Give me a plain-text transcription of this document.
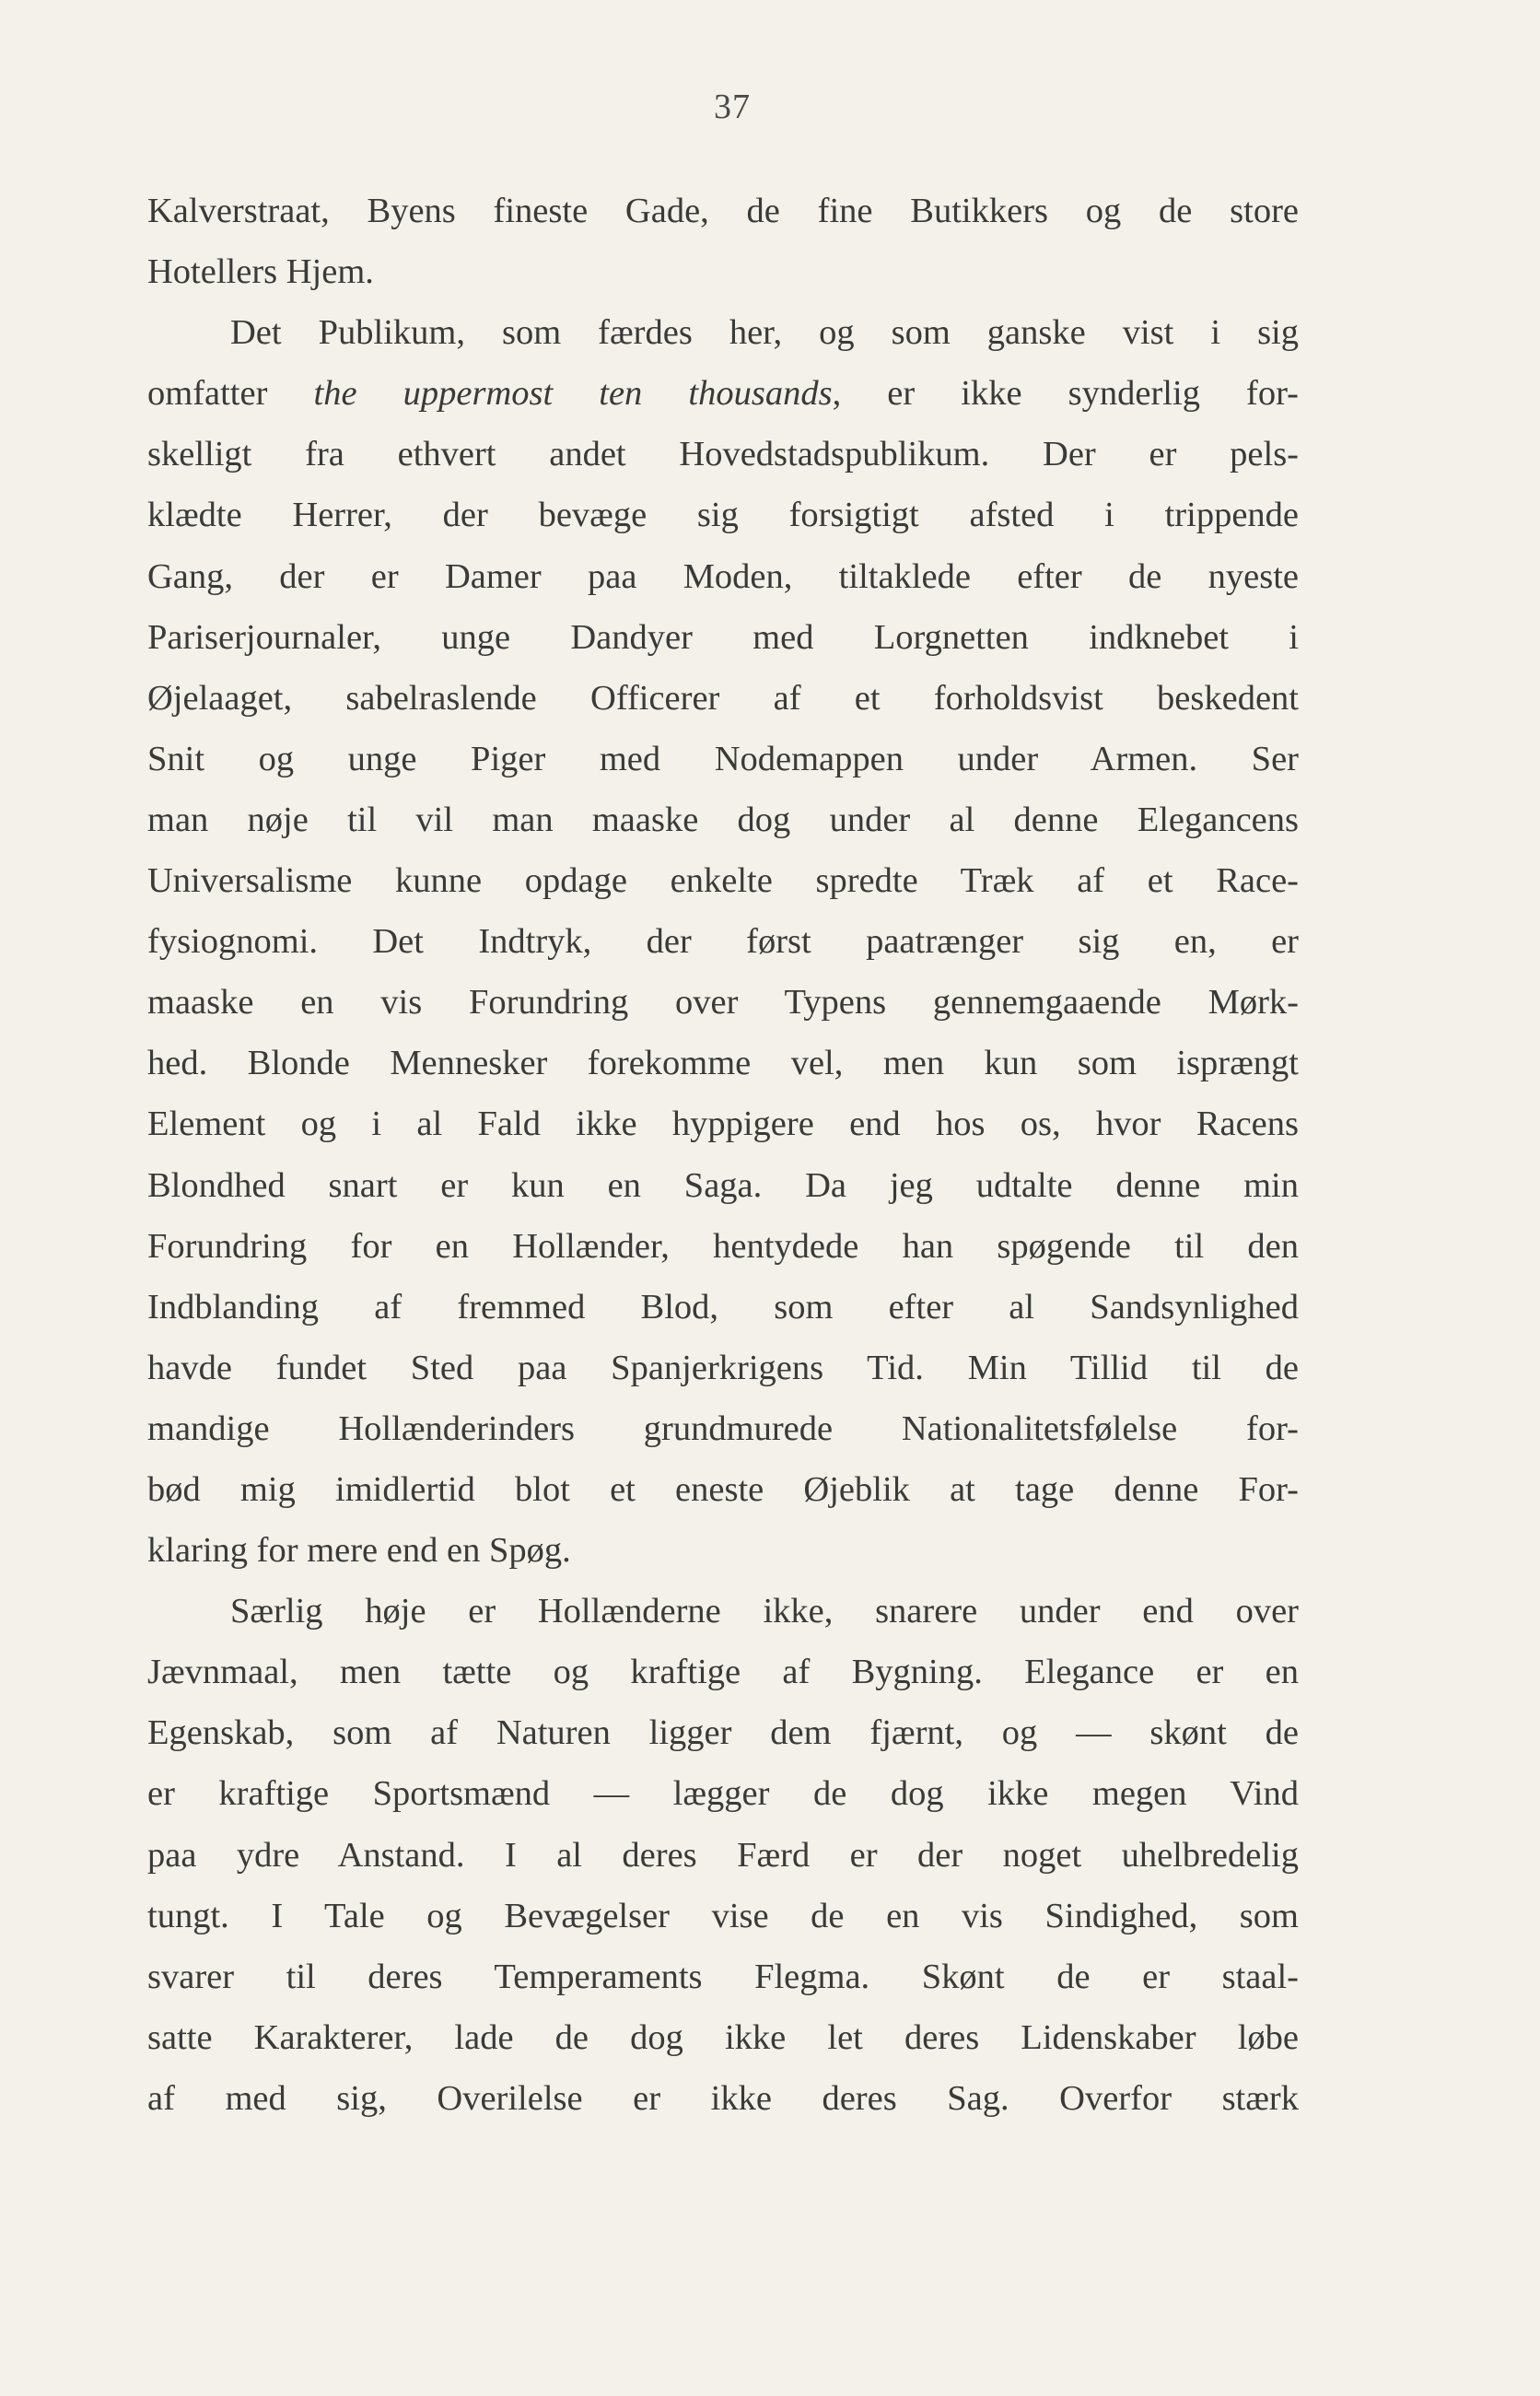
37
Kalverstraat, Byens fineste Gade, de fine Butikkers og de store
Hotellers Hjem.
Det Publikum, som færdes her, og som ganske vist i sig
omfatter the uppermost ten thousands, er ikke synderlig for-
skelligt fra ethvert andet Hovedstadspublikum. Der er pels-
klædte Herrer, der bevæge sig forsigtigt afsted i trippende
Gang, der er Damer paa Moden, tiltaklede efter de nyeste
Pariserjournaler, unge Dandyer med Lorgnetten indknebet i
Øjelaaget, sabelraslende Officerer af et forholdsvist beskedent
Snit og unge Piger med Nodemappen under Armen. Ser
man nøje til vil man maaske dog under al denne Elegancens
Universalisme kunne opdage enkelte spredte Træk af et Race-
fysiognomi. Det Indtryk, der først paatrænger sig en, er
maaske en vis Forundring over Typens gennemgaaende Mørk-
hed. Blonde Mennesker forekomme vel, men kun som isprængt
Element og i al Fald ikke hyppigere end hos os, hvor Racens
Blondhed snart er kun en Saga. Da jeg udtalte denne min
Forundring for en Hollænder, hentydede han spøgende til den
Indblanding af fremmed Blod, som efter al Sandsynlighed
havde fundet Sted paa Spanjerkrigens Tid. Min Tillid til de
mandige Hollænderinders grundmurede Nationalitetsfølelse for-
bød mig imidlertid blot et eneste Øjeblik at tage denne For-
klaring for mere end en Spøg.
Særlig høje er Hollænderne ikke, snarere under end over
Jævnmaal, men tætte og kraftige af Bygning. Elegance er en
Egenskab, som af Naturen ligger dem fjærnt, og — skønt de
er kraftige Sportsmænd — lægger de dog ikke megen Vind
paa ydre Anstand. I al deres Færd er der noget uhelbredelig
tungt. I Tale og Bevægelser vise de en vis Sindighed, som
svarer til deres Temperaments Flegma. Skønt de er staal-
satte Karakterer, lade de dog ikke let deres Lidenskaber løbe
af med sig, Overilelse er ikke deres Sag. Overfor stærk
